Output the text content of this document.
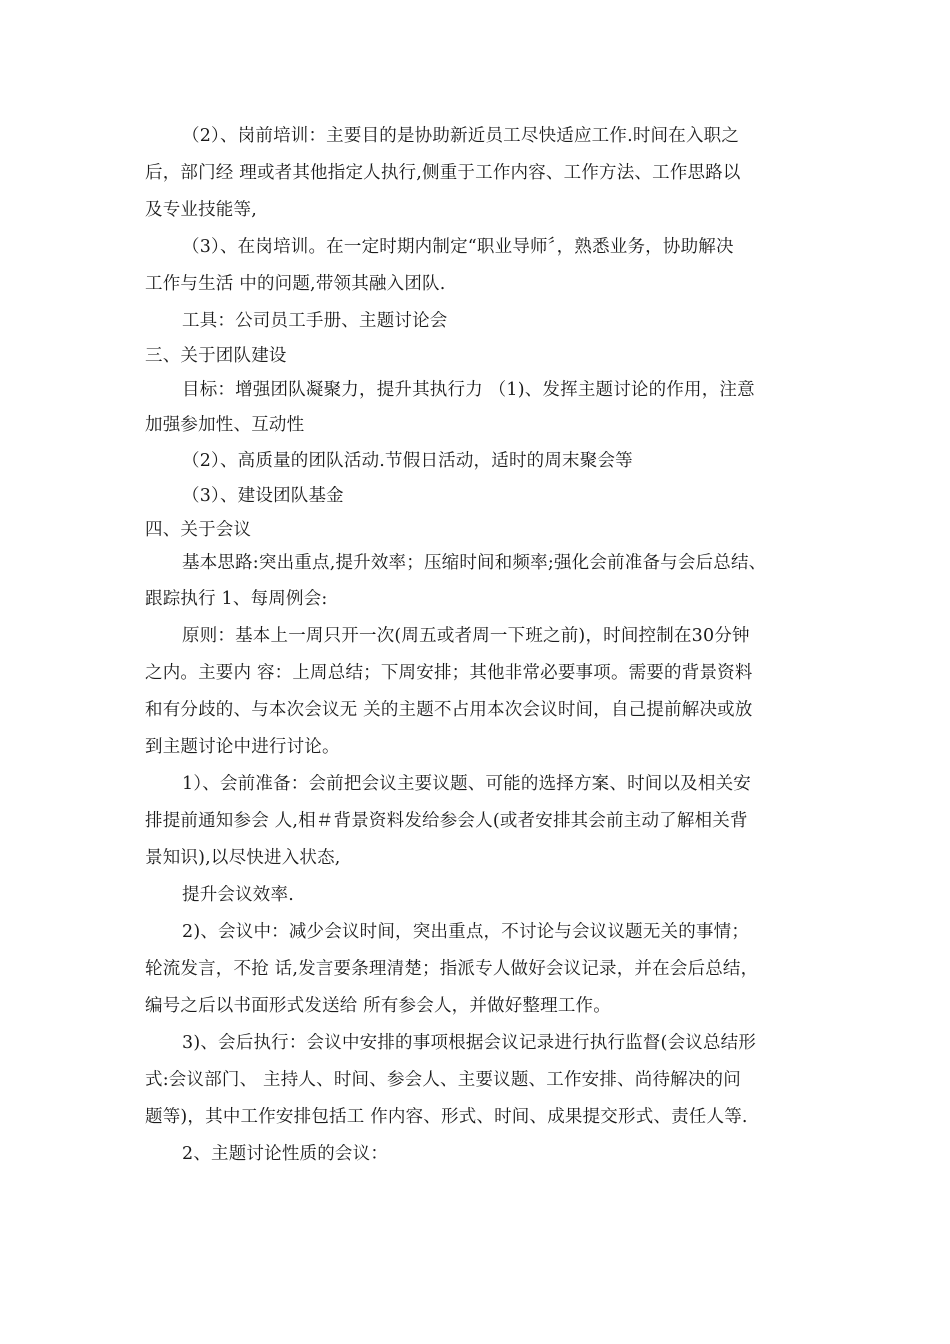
（2）、岗前培训：主要目的是协助新近员工尽快适应工作.时间在入职之
后，部门经 理或者其他指定人执行,侧重于工作内容、工作方法、工作思路以
及专业技能等,
（3）、在岗培训。在一定时期内制定“职业导师〞，熟悉业务，协助解决
工作与生活 中的问题,带领其融入团队.
工具：公司员工手册、主题讨论会
三、关于团队建设
目标：增强团队凝聚力，提升其执行力 （1)、发挥主题讨论的作用，注意
加强参加性、互动性
（2）、高质量的团队活动.节假日活动，适时的周末聚会等
（3）、建设团队基金
四、关于会议
基本思路:突出重点,提升效率；压缩时间和频率;强化会前准备与会后总结、
跟踪执行 1、每周例会:
原则：基本上一周只开一次(周五或者周一下班之前)，时间控制在30分钟
之内。主要内 容：上周总结；下周安排；其他非常必要事项。需要的背景资料
和有分歧的、与本次会议无 关的主题不占用本次会议时间，自己提前解决或放
到主题讨论中进行讨论。
1）、会前准备：会前把会议主要议题、可能的选择方案、时间以及相关安
排提前通知参会 人,相＃背景资料发给参会人(或者安排其会前主动了解相关背
景知识),以尽快进入状态,
提升会议效率.
2)、会议中：减少会议时间，突出重点，不讨论与会议议题无关的事情；
轮流发言，不抢 话,发言要条理清楚；指派专人做好会议记录，并在会后总结，
编号之后以书面形式发送给 所有参会人，并做好整理工作。
3)、会后执行：会议中安排的事项根据会议记录进行执行监督(会议总结形
式:会议部门、 主持人、时间、参会人、主要议题、工作安排、尚待解决的问
题等)，其中工作安排包括工 作内容、形式、时间、成果提交形式、责任人等.
2、主题讨论性质的会议：
